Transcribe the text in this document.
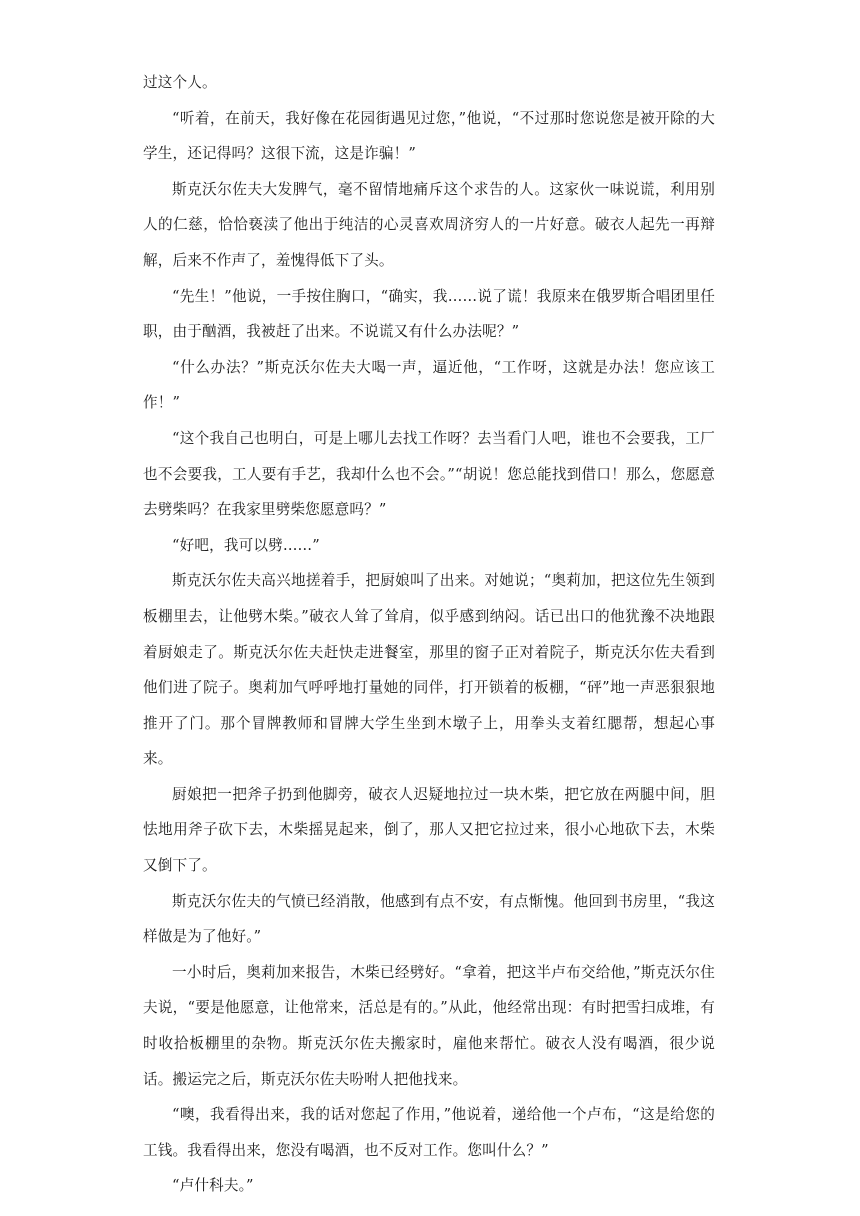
过这个人。

“听着，在前天，我好像在花园街遇见过您，”他说，“不过那时您说您是被开除的大学生，还记得吗？这很下流，这是诈骗！”

斯克沃尔佐夫大发脾气，毫不留情地痛斥这个求告的人。这家伙一味说谎，利用别人的仁慈，恰恰亵渎了他出于纯洁的心灵喜欢周济穷人的一片好意。破衣人起先一再辩解，后来不作声了，羞愧得低下了头。

“先生！”他说，一手按住胸口，“确实，我……说了谎！我原来在俄罗斯合唱团里任职，由于酗酒，我被赶了出来。不说谎又有什么办法呢？”

“什么办法？”斯克沃尔佐夫大喝一声，逼近他，“工作呀，这就是办法！您应该工作！”

“这个我自己也明白，可是上哪儿去找工作呀？去当看门人吧，谁也不会要我，工厂也不会要我，工人要有手艺，我却什么也不会。”“胡说！您总能找到借口！那么，您愿意去劈柴吗？在我家里劈柴您愿意吗？”

“好吧，我可以劈……”

斯克沃尔佐夫高兴地搓着手，把厨娘叫了出来。对她说；“奥莉加，把这位先生领到板棚里去，让他劈木柴。”破衣人耸了耸肩，似乎感到纳闷。话已出口的他犹豫不决地跟着厨娘走了。斯克沃尔佐夫赶快走进餐室，那里的窗子正对着院子，斯克沃尔佐夫看到他们进了院子。奥莉加气呼呼地打量她的同伴，打开锁着的板棚，“砰”地一声恶狠狠地推开了门。那个冒牌教师和冒牌大学生坐到木墩子上，用拳头支着红腮帮，想起心事来。

厨娘把一把斧子扔到他脚旁，破衣人迟疑地拉过一块木柴，把它放在两腿中间，胆怯地用斧子砍下去，木柴摇晃起来，倒了，那人又把它拉过来，很小心地砍下去，木柴又倒下了。

斯克沃尔佐夫的气愤已经消散，他感到有点不安，有点惭愧。他回到书房里，“我这样做是为了他好。”

一小时后，奥莉加来报告，木柴已经劈好。“拿着，把这半卢布交给他，”斯克沃尔住夫说，“要是他愿意，让他常来，活总是有的。”从此，他经常出现：有时把雪扫成堆，有时收拾板棚里的杂物。斯克沃尔佐夫搬家时，雇他来帮忙。破衣人没有喝酒，很少说话。搬运完之后，斯克沃尔佐夫吩咐人把他找来。

“噢，我看得出来，我的话对您起了作用，”他说着，递给他一个卢布，“这是给您的工钱。我看得出来，您没有喝酒，也不反对工作。您叫什么？”

“卢什科夫。”
